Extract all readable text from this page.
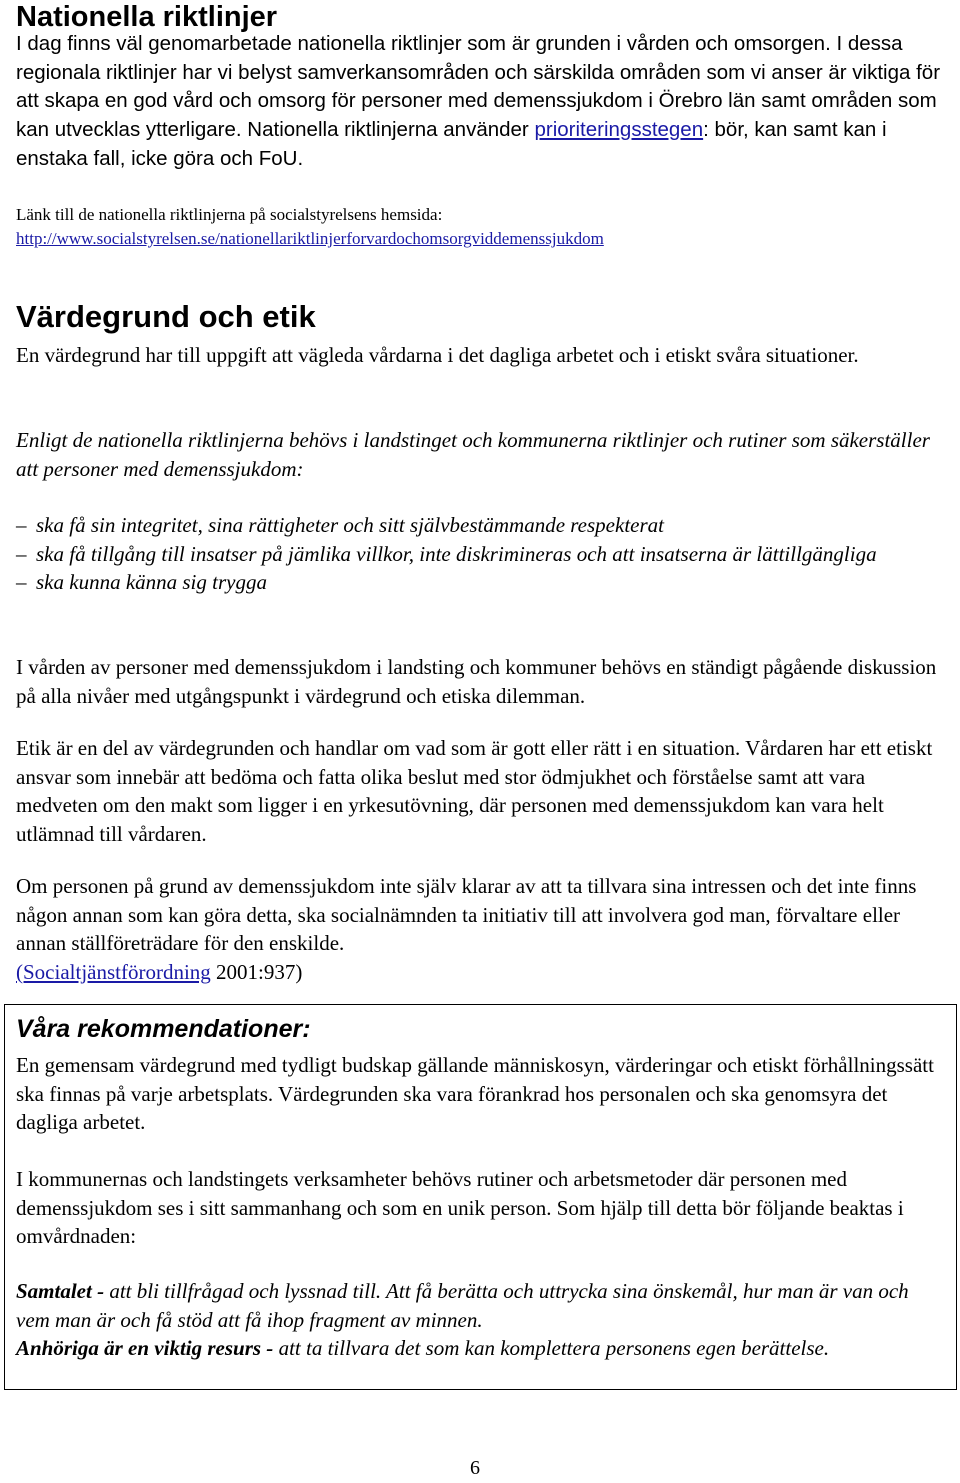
Nationella riktlinjer

I dag finns väl genomarbetade nationella riktlinjer som är grunden i vården och omsorgen. I dessa regionala riktlinjer har vi belyst samverkansområden och särskilda områden som vi anser är viktiga för att skapa en god vård och omsorg för personer med demenssjukdom i Örebro län samt områden som kan utvecklas ytterligare. Nationella riktlinjerna använder prioriteringsstegen: bör, kan samt kan i enstaka fall, icke göra och FoU.

Länk till de nationella riktlinjerna på socialstyrelsens hemsida:
http://www.socialstyrelsen.se/nationellariktlinjerforvardochomsorgviddemenssjukdom

Värdegrund och etik

En värdegrund har till uppgift att vägleda vårdarna i det dagliga arbetet och i etiskt svåra situationer.

Enligt de nationella riktlinjerna behövs i landstinget och kommunerna riktlinjer och rutiner som säkerställer att personer med demenssjukdom:

– ska få sin integritet, sina rättigheter och sitt självbestämmande respekterat
– ska få tillgång till insatser på jämlika villkor, inte diskrimineras och att insatserna är lättillgängliga
– ska kunna känna sig trygga

I vården av personer med demenssjukdom i landsting och kommuner behövs en ständigt pågående diskussion på alla nivåer med utgångspunkt i värdegrund och etiska dilemman.

Etik är en del av värdegrunden och handlar om vad som är gott eller rätt i en situation. Vårdaren har ett etiskt ansvar som innebär att bedöma och fatta olika beslut med stor ödmjukhet och förståelse samt att vara medveten om den makt som ligger i en yrkesutövning, där personen med demenssjukdom kan vara helt utlämnad till vårdaren.

Om personen på grund av demenssjukdom inte själv klarar av att ta tillvara sina intressen och det inte finns någon annan som kan göra detta, ska socialnämnden ta initiativ till att involvera god man, förvaltare eller annan ställföreträdare för den enskilde.
(Socialtjänstförordning 2001:937)

Våra rekommendationer:

En gemensam värdegrund med tydligt budskap gällande människosyn, värderingar och etiskt förhållningssätt ska finnas på varje arbetsplats. Värdegrunden ska vara förankrad hos personalen och ska genomsyra det dagliga arbetet.

I kommunernas och landstingets verksamheter behövs rutiner och arbetsmetoder där personen med demenssjukdom ses i sitt sammanhang och som en unik person. Som hjälp till detta bör följande beaktas i omvårdnaden:

Samtalet - att bli tillfrågad och lyssnad till. Att få berätta och uttrycka sina önskemål, hur man är van och vem man är och få stöd att få ihop fragment av minnen.
Anhöriga är en viktig resurs - att ta tillvara det som kan komplettera personens egen berättelse.

6
